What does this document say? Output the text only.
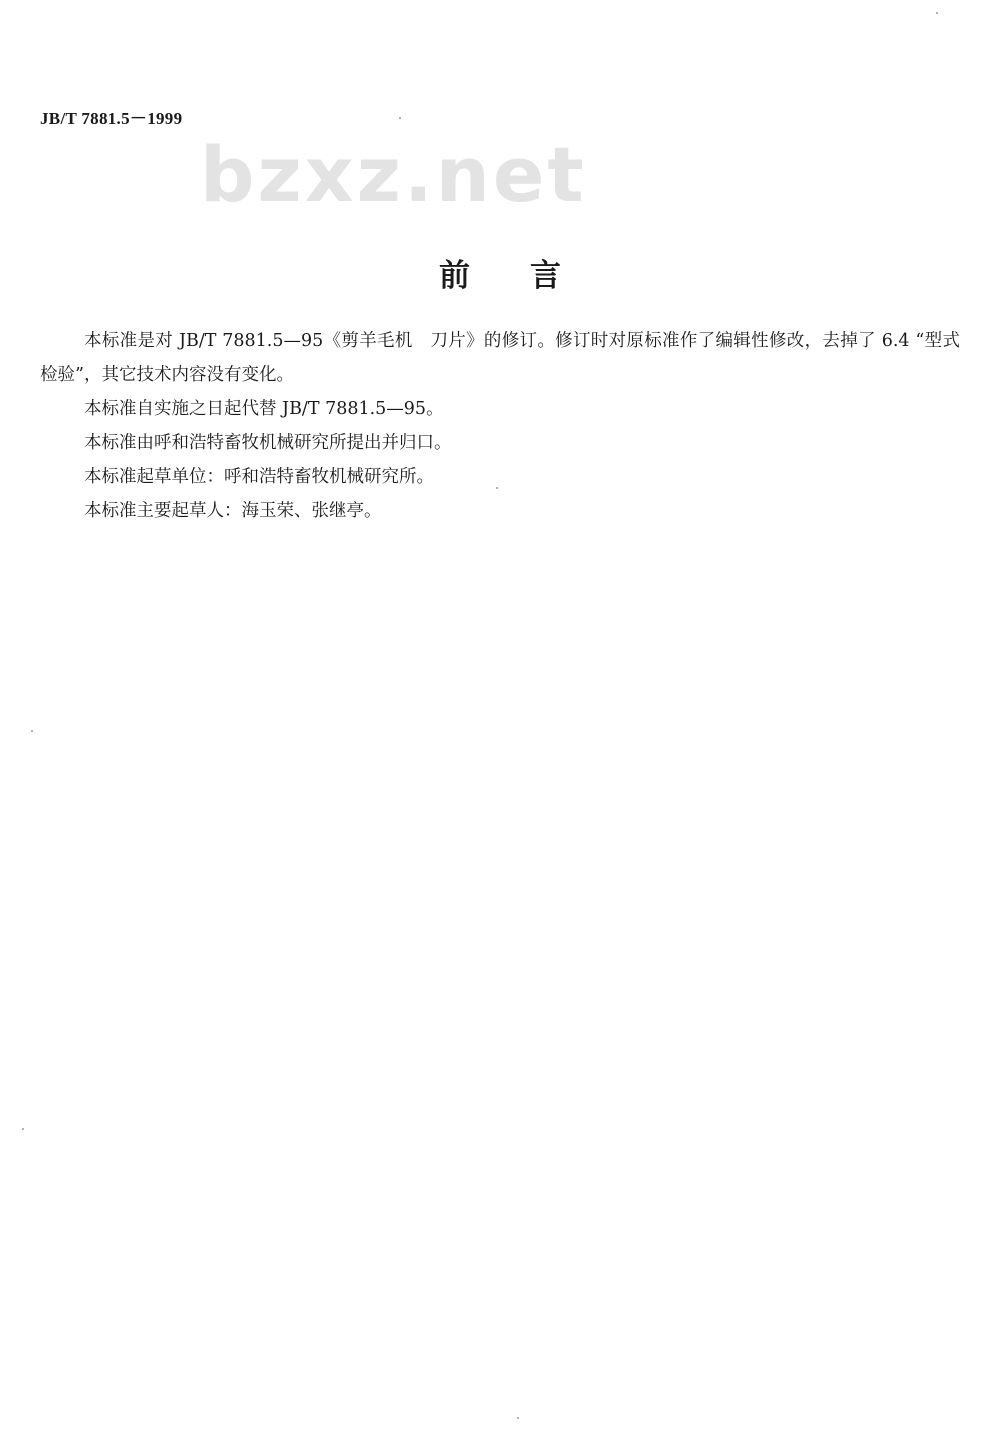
JB/T 7881.5－1999
bzxz.net
前言

本标准是对 JB/T 7881.5—95《剪羊毛机　刀片》的修订。修订时对原标准作了编辑性修改，去掉了 6.4 “型式检验”，其它技术内容没有变化。

本标准自实施之日起代替 JB/T 7881.5—95。

本标准由呼和浩特畜牧机械研究所提出并归口。

本标准起草单位：呼和浩特畜牧机械研究所。

本标准主要起草人：海玉荣、张继亭。
